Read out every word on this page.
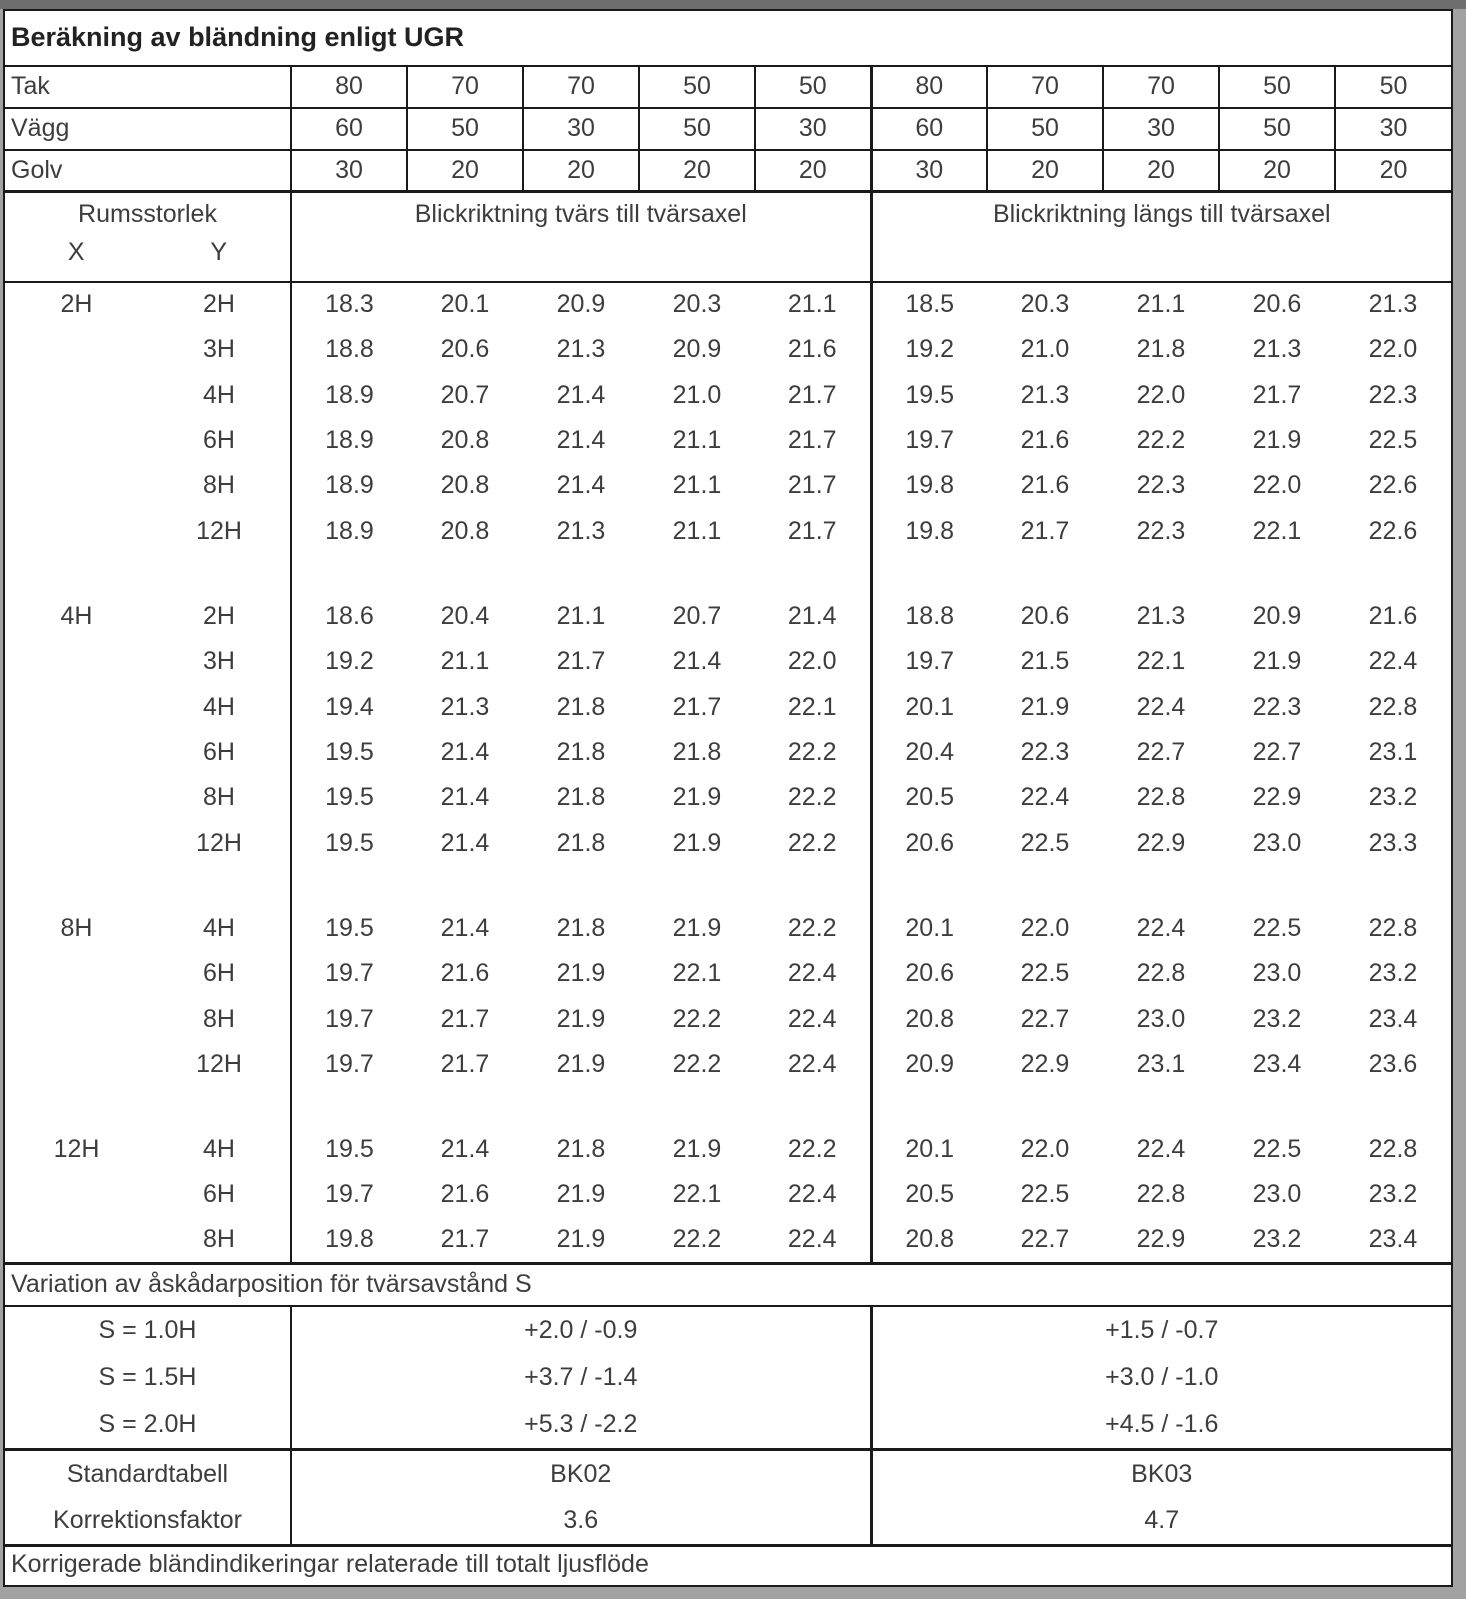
Beräkning av bländning enligt UGR											
Tak		80	70	70	50	50	80	70	70	50	50
Vägg		60	50	30	50	30	60	50	30	50	30
Golv		30	20	20	20	20	30	20	20	20	20

Rumsstorlek
X Y		Blickriktning tvärs till tvärsaxel					Blickriktning längs till tvärsaxel				
2H	2H	18.3	20.1	20.9	20.3	21.1	18.5	20.3	21.1	20.6	21.3
	3H	18.8	20.6	21.3	20.9	21.6	19.2	21.0	21.8	21.3	22.0
	4H	18.9	20.7	21.4	21.0	21.7	19.5	21.3	22.0	21.7	22.3
	6H	18.9	20.8	21.4	21.1	21.7	19.7	21.6	22.2	21.9	22.5
	8H	18.9	20.8	21.4	21.1	21.7	19.8	21.6	22.3	22.0	22.6
	12H	18.9	20.8	21.3	21.1	21.7	19.8	21.7	22.3	22.1	22.6

4H	2H	18.6	20.4	21.1	20.7	21.4	18.8	20.6	21.3	20.9	21.6
	3H	19.2	21.1	21.7	21.4	22.0	19.7	21.5	22.1	21.9	22.4
	4H	19.4	21.3	21.8	21.7	22.1	20.1	21.9	22.4	22.3	22.8
	6H	19.5	21.4	21.8	21.8	22.2	20.4	22.3	22.7	22.7	23.1
	8H	19.5	21.4	21.8	21.9	22.2	20.5	22.4	22.8	22.9	23.2
	12H	19.5	21.4	21.8	21.9	22.2	20.6	22.5	22.9	23.0	23.3

8H	4H	19.5	21.4	21.8	21.9	22.2	20.1	22.0	22.4	22.5	22.8
	6H	19.7	21.6	21.9	22.1	22.4	20.6	22.5	22.8	23.0	23.2
	8H	19.7	21.7	21.9	22.2	22.4	20.8	22.7	23.0	23.2	23.4
	12H	19.7	21.7	21.9	22.2	22.4	20.9	22.9	23.1	23.4	23.6

12H	4H	19.5	21.4	21.8	21.9	22.2	20.1	22.0	22.4	22.5	22.8
	6H	19.7	21.6	21.9	22.1	22.4	20.5	22.5	22.8	23.0	23.2
	8H	19.8	21.7	21.9	22.2	22.4	20.8	22.7	22.9	23.2	23.4
Variation av åskådarposition för tvärsavstånd S											
S = 1.0H		+2.0 / -0.9					+1.5 / -0.7				
S = 1.5H		+3.7 / -1.4					+3.0 / -1.0				
S = 2.0H		+5.3 / -2.2					+4.5 / -1.6				
Standardtabell		BK02					BK03				
Korrektionsfaktor		3.6					4.7				
Korrigerade bländindikeringar relaterade till totalt ljusflöde											
